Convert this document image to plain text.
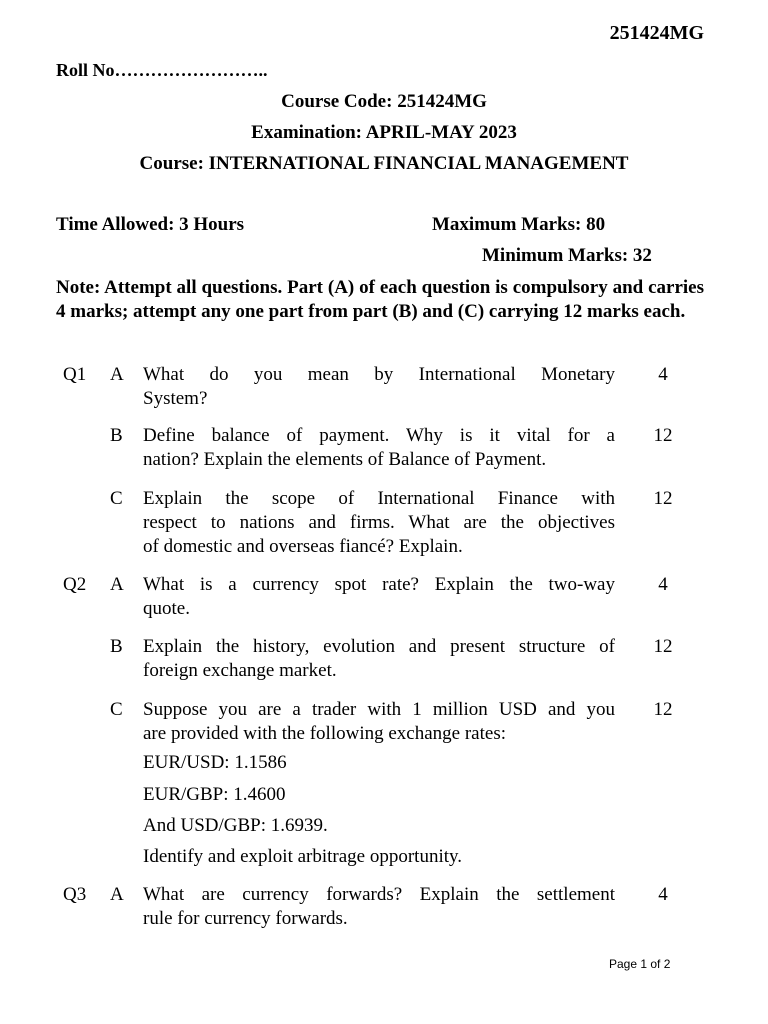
251424MG
Roll No……………………..
Course Code: 251424MG
Examination: APRIL-MAY 2023
Course: INTERNATIONAL FINANCIAL MANAGEMENT
Time Allowed: 3 Hours	Maximum Marks: 80
Minimum Marks: 32
Note: Attempt all questions. Part (A) of each question is compulsory and carries 4 marks; attempt any one part from part (B) and (C) carrying 12 marks each.
Q1 A What do you mean by International Monetary
System?
4
B Define balance of payment. Why is it vital for a
nation? Explain the elements of Balance of Payment.
12
C Explain the scope of International Finance with
respect to nations and firms. What are the objectives
of domestic and overseas fiancé? Explain.
12
Q2 A What is a currency spot rate? Explain the two-way
quote.
4
B Explain the history, evolution and present structure of
foreign exchange market.
12
C Suppose you are a trader with 1 million USD and you
are provided with the following exchange rates:
12
EUR/USD: 1.1586
EUR/GBP: 1.4600
And USD/GBP: 1.6939.
Identify and exploit arbitrage opportunity.
Q3 A What are currency forwards? Explain the settlement
rule for currency forwards.
4
Page 1 of 2
